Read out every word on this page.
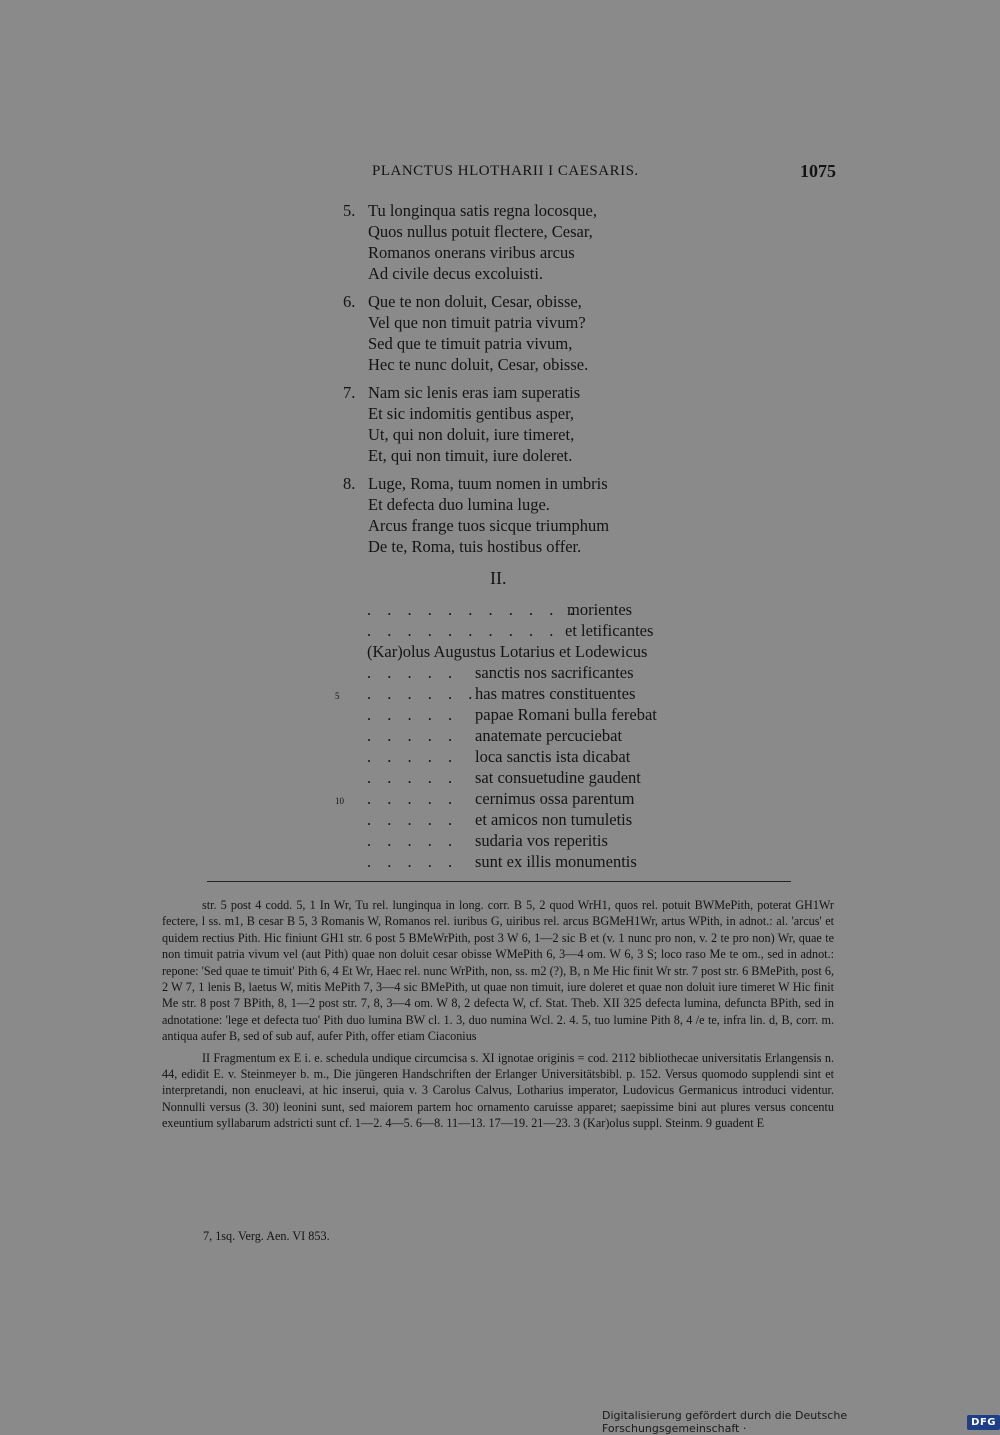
PLANCTUS HLOTHARII I CAESARIS.	1075
5. Tu longinqua satis regna locosque,
Quos nullus potuit flectere, Cesar,
Romanos onerans viribus arcus
Ad civile decus excoluisti.
6. Que te non doluit, Cesar, obisse,
Vel que non timuit patria vivum?
Sed que te timuit patria vivum,
Hec te nunc doluit, Cesar, obisse.
7. Nam sic lenis eras iam superatis
Et sic indomitis gentibus asper,
Ut, qui non doluit, iure timeret,
Et, qui non timuit, iure doleret.
8. Luge, Roma, tuum nomen in umbris
Et defecta duo lumina luge.
Arcus frange tuos sicque triumphum
De te, Roma, tuis hostibus offer.
II.
. . . . . . . . . . .
morientes
. . . . . . . . . . et letificantes
(Kar)olus Augustus Lotarius et Lodewicus
. . . . . sanctis nos sacrificantes
5 . . . . . .
has matres constituentes
. . . . . papae Romani bulla ferebat
. . . . . anatemate percuciebat
. . . . . loca sanctis ista dicabat
. . . . . sat consuetudine gaudent
10 . . . . . cernimus ossa parentum
. . . . . et amicos non tumuletis
. . . . . sudaria vos reperitis
. . . . . sunt ex illis monumentis

str. 5 post 4 codd. 5, 1 In Wr, Tu rel. lunginqua in long. corr. B 5, 2 quod WrH1, quos rel. potuit BWMePith, poterat GH1Wr fectere, l ss. m1, B cesar B 5, 3 Romanis W, Romanos rel. iuribus G, uiribus rel. arcus BGMeH1Wr, artus WPith, in adnot.: al. 'arcus' et quidem rectius Pith. Hic finiunt GH1 str. 6 post 5 BMeWrPith, post 3 W 6, 1—2 sic B et (v. 1 nunc pro non, v. 2 te pro non) Wr, quae te non timuit patria vivum vel (aut Pith) quae non doluit cesar obisse WMePith 6, 3—4 om. W 6, 3 S; loco raso Me te om., sed in adnot.: repone: 'Sed quae te timuit' Pith 6, 4 Et Wr, Haec rel. nunc WrPith, non, ss. m2 (?), B, n Me Hic finit Wr str. 7 post str. 6 BMePith, post 6, 2 W 7, 1 lenis B, laetus W, mitis MePith 7, 3—4 sic BMePith, ut quae non timuit, iure doleret et quae non doluit iure timeret W Hic finit Me str. 8 post 7 BPith, 8, 1—2 post str. 7, 8, 3—4 om. W 8, 2 defecta W, cf. Stat. Theb. XII 325 defecta lumina, defuncta BPith, sed in adnotatione: 'lege et defecta tuo' Pith duo lumina BW cl. 1. 3, duo numina Wcl. 2. 4. 5, tuo lumine Pith 8, 4 /e te, infra lin. d, B, corr. m. antiqua aufer B, sed of sub auf, aufer Pith, offer etiam Ciaconius

II Fragmentum ex E i. e. schedula undique circumcisa s. XI ignotae originis = cod. 2112 bibliothecae universitatis Erlangensis n. 44, edidit E. v. Steinmeyer b. m., Die jüngeren Handschriften der Erlanger Universitätsbibl. p. 152. Versus quomodo supplendi sint et interpretandi, non enucleavi, at hic inserui, quia v. 3 Carolus Calvus, Lotharius imperator, Ludovicus Germanicus introduci videntur. Nonnulli versus (3. 30) leonini sunt, sed maiorem partem hoc ornamento caruisse apparet; saepissime bini aut plures versus concentu exeuntium syllabarum adstricti sunt cf. 1—2. 4—5. 6—8. 11—13. 17—19. 21—23. 3 (Kar)olus suppl. Steinm. 9 guadent E

7, 1sq. Verg. Aen. VI 853.
Digitalisierung gefördert durch die Deutsche Forschungsgemeinschaft ·	DFG
